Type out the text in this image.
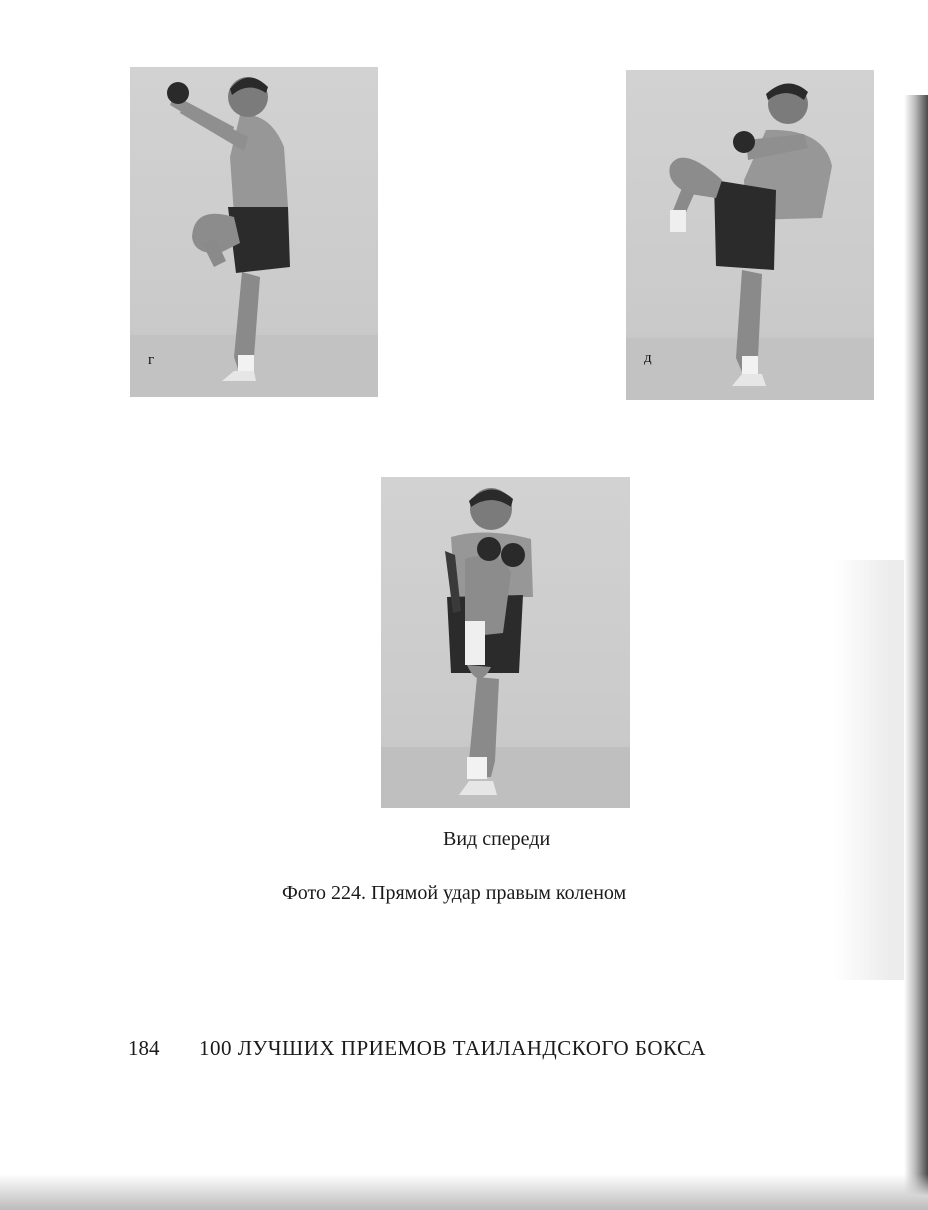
г	д
Вид спереди
Фото 224. Прямой удар правым коленом
184 100 ЛУЧШИХ ПРИЕМОВ ТАИЛАНДСКОГО БОКСА
